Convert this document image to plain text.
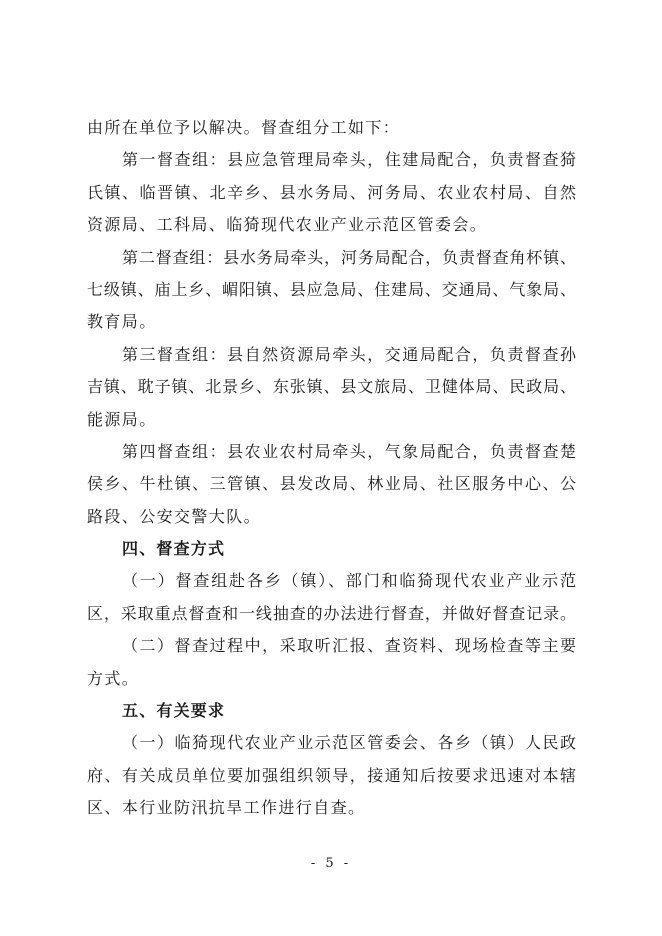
由所在单位予以解决。督查组分工如下：
第一督查组：县应急管理局牵头，住建局配合，负责督查猗
氏镇、临晋镇、北辛乡、县水务局、河务局、农业农村局、自然
资源局、工科局、临猗现代农业产业示范区管委会。
第二督查组：县水务局牵头，河务局配合，负责督查角杯镇、
七级镇、庙上乡、嵋阳镇、县应急局、住建局、交通局、气象局、
教育局。
第三督查组：县自然资源局牵头，交通局配合，负责督查孙
吉镇、耽子镇、北景乡、东张镇、县文旅局、卫健体局、民政局、
能源局。
第四督查组：县农业农村局牵头，气象局配合，负责督查楚
侯乡、牛杜镇、三管镇、县发改局、林业局、社区服务中心、公
路段、公安交警大队。
四、督查方式
（一）督查组赴各乡（镇）、部门和临猗现代农业产业示范
区，采取重点督查和一线抽查的办法进行督查，并做好督查记录。
（二）督查过程中，采取听汇报、查资料、现场检查等主要
方式。
五、有关要求
（一）临猗现代农业产业示范区管委会、各乡（镇）人民政
府、有关成员单位要加强组织领导，接通知后按要求迅速对本辖
区、本行业防汛抗旱工作进行自查。
- 5 -
